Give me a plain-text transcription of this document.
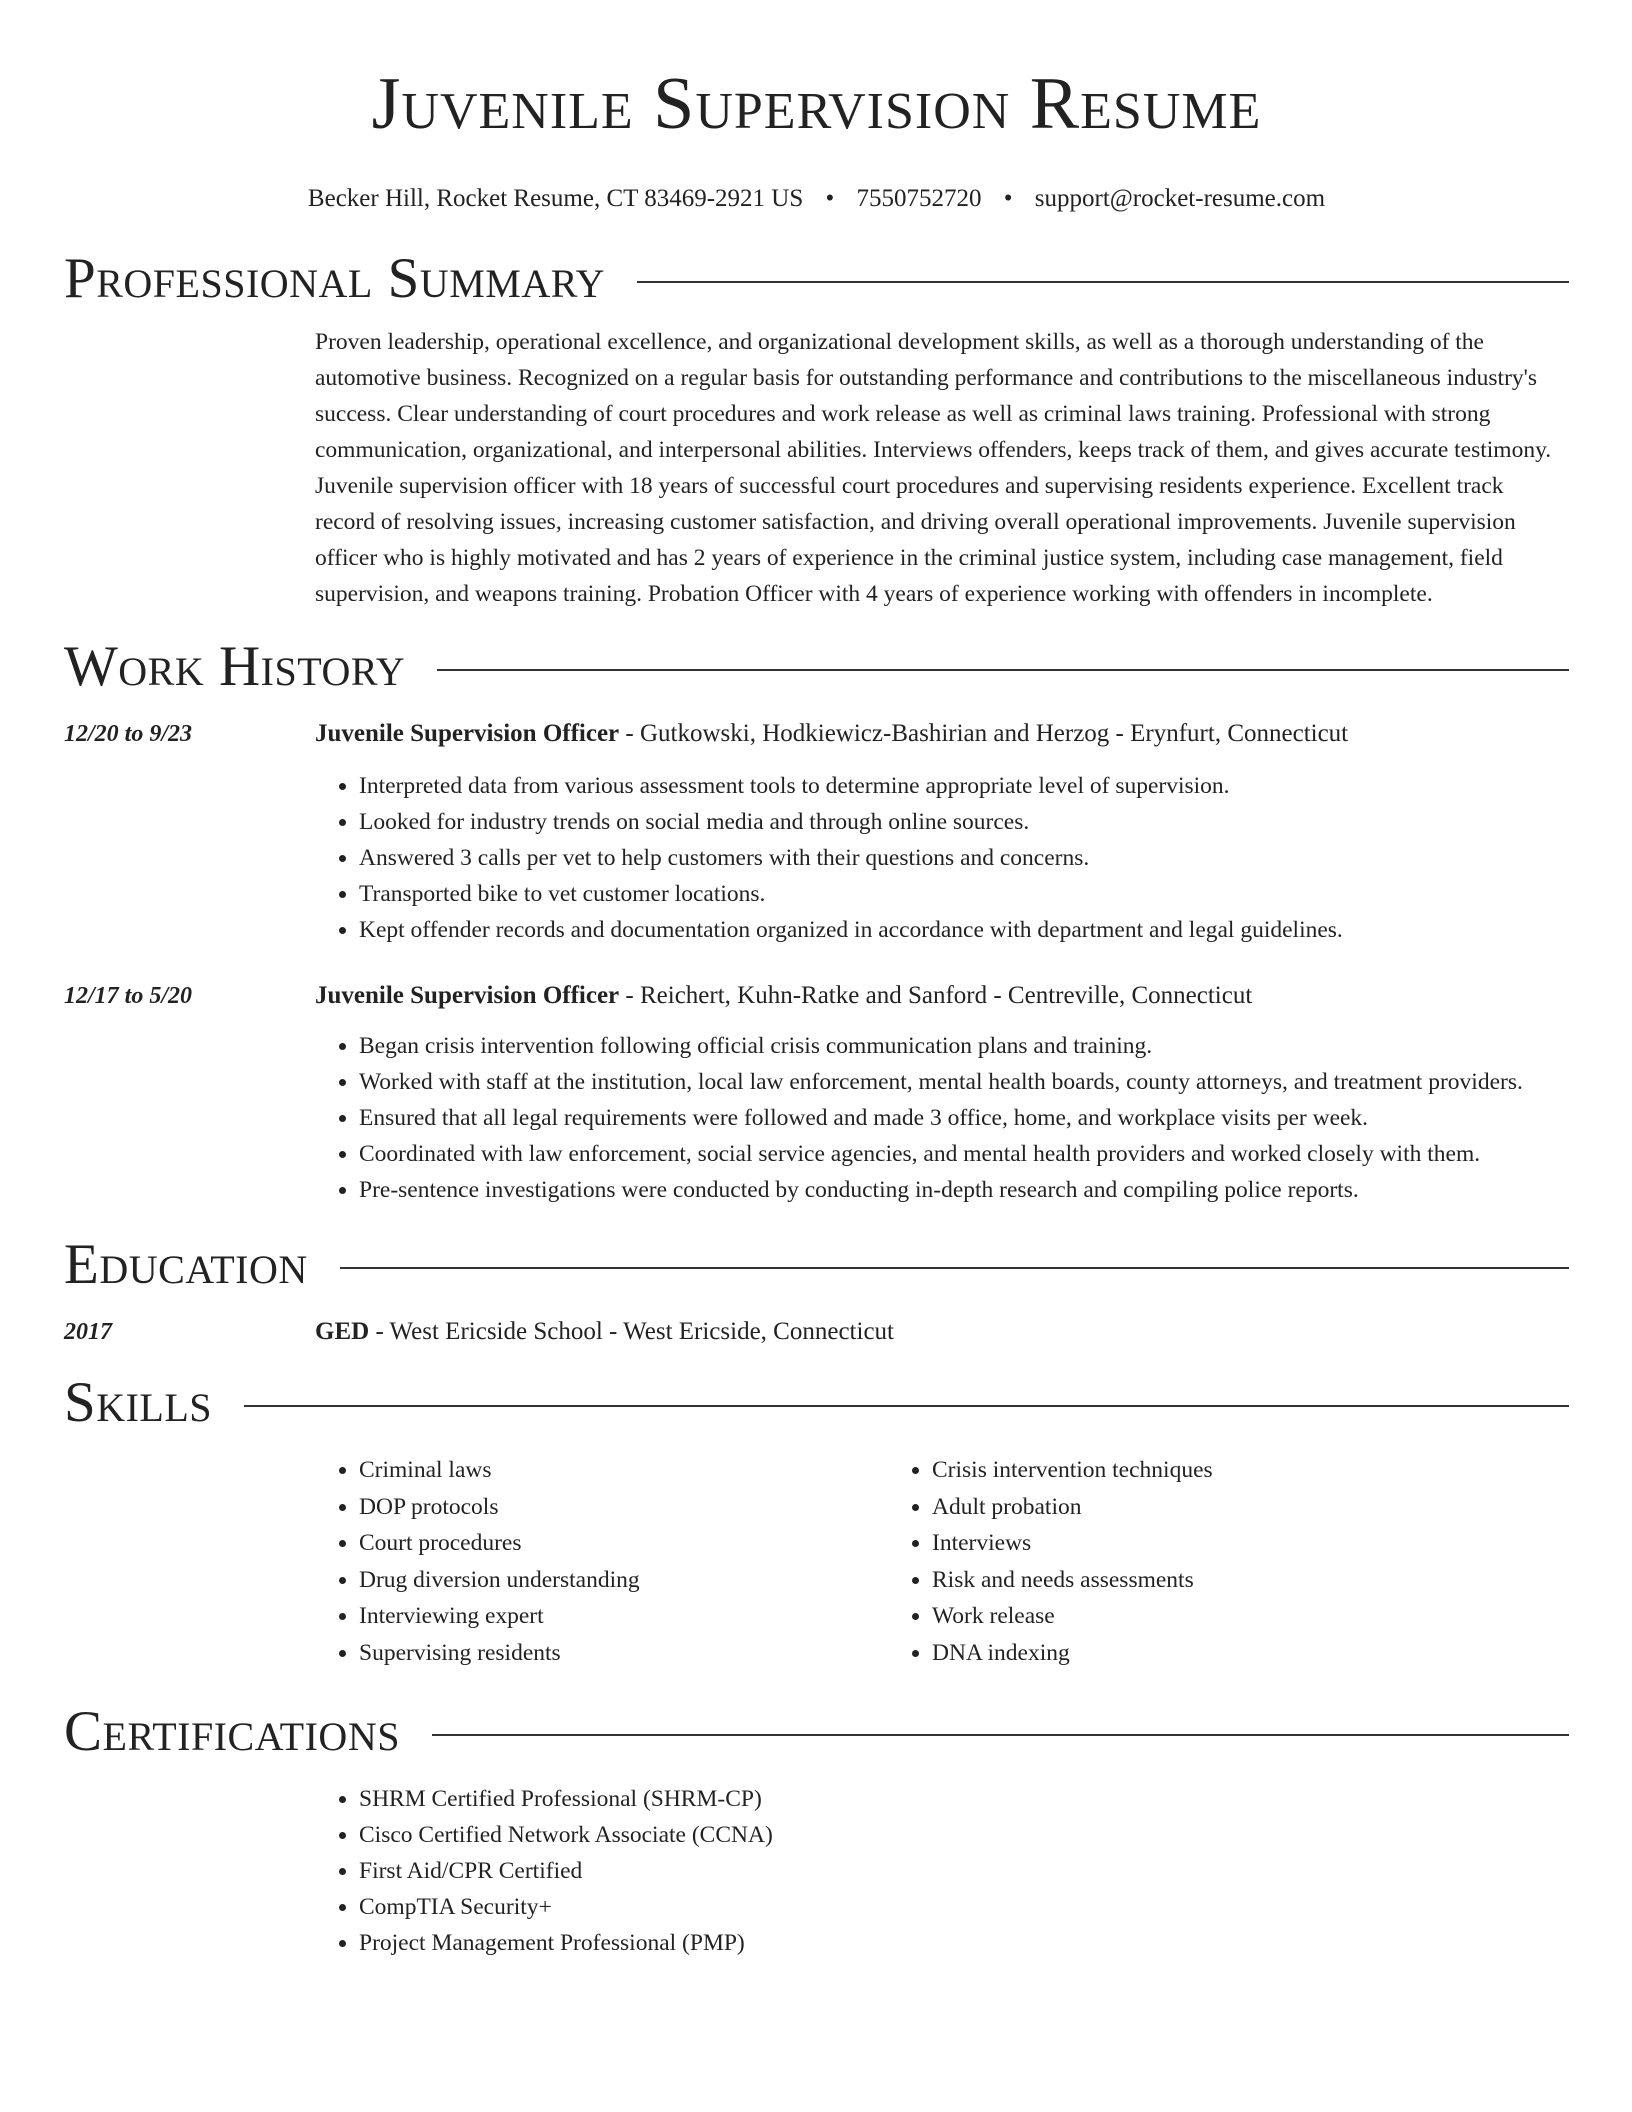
Juvenile Supervision Resume
Becker Hill, Rocket Resume, CT 83469-2921 US • 7550752720 • support@rocket-resume.com
Professional Summary
Proven leadership, operational excellence, and organizational development skills, as well as a thorough understanding of the automotive business. Recognized on a regular basis for outstanding performance and contributions to the miscellaneous industry's success. Clear understanding of court procedures and work release as well as criminal laws training. Professional with strong communication, organizational, and interpersonal abilities. Interviews offenders, keeps track of them, and gives accurate testimony. Juvenile supervision officer with 18 years of successful court procedures and supervising residents experience. Excellent track record of resolving issues, increasing customer satisfaction, and driving overall operational improvements. Juvenile supervision officer who is highly motivated and has 2 years of experience in the criminal justice system, including case management, field supervision, and weapons training. Probation Officer with 4 years of experience working with offenders in incomplete.
Work History
12/20 to 9/23	Juvenile Supervision Officer - Gutkowski, Hodkiewicz-Bashirian and Herzog - Erynfurt, Connecticut
• Interpreted data from various assessment tools to determine appropriate level of supervision.
• Looked for industry trends on social media and through online sources.
• Answered 3 calls per vet to help customers with their questions and concerns.
• Transported bike to vet customer locations.
• Kept offender records and documentation organized in accordance with department and legal guidelines.
12/17 to 5/20	Juvenile Supervision Officer - Reichert, Kuhn-Ratke and Sanford - Centreville, Connecticut
• Began crisis intervention following official crisis communication plans and training.
• Worked with staff at the institution, local law enforcement, mental health boards, county attorneys, and treatment providers.
• Ensured that all legal requirements were followed and made 3 office, home, and workplace visits per week.
• Coordinated with law enforcement, social service agencies, and mental health providers and worked closely with them.
• Pre-sentence investigations were conducted by conducting in-depth research and compiling police reports.
Education
2017	GED - West Ericside School - West Ericside, Connecticut
Skills
• Criminal laws
• DOP protocols
• Court procedures
• Drug diversion understanding
• Interviewing expert
• Supervising residents
• Crisis intervention techniques
• Adult probation
• Interviews
• Risk and needs assessments
• Work release
• DNA indexing
Certifications
• SHRM Certified Professional (SHRM-CP)
• Cisco Certified Network Associate (CCNA)
• First Aid/CPR Certified
• CompTIA Security+
• Project Management Professional (PMP)
